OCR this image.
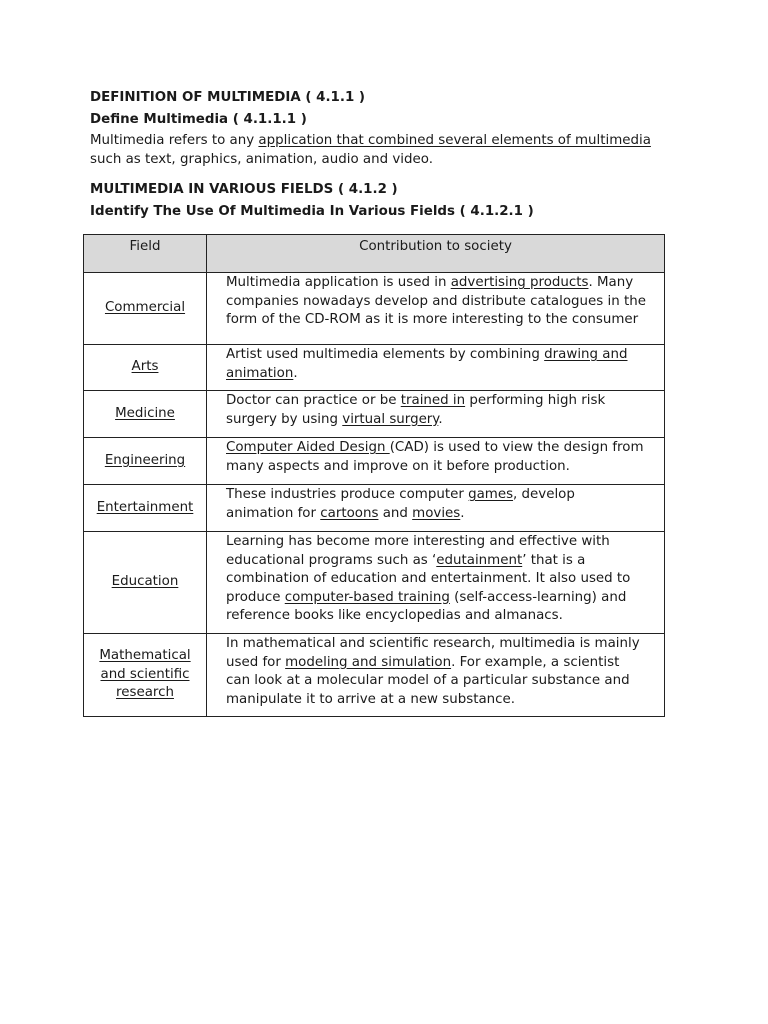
DEFINITION OF MULTIMEDIA ( 4.1.1 )

Define Multimedia ( 4.1.1.1 )

Multimedia refers to any application that combined several elements of multimedia
such as text, graphics, animation, audio and video.

MULTIMEDIA IN VARIOUS FIELDS ( 4.1.2 )

Identify The Use Of Multimedia In Various Fields ( 4.1.2.1 )

Field	Contribution to society
Commercial	Multimedia application is used in advertising products. Many companies nowadays develop and distribute catalogues in the form of the CD-ROM as it is more interesting to the consumer

Arts	Artist used multimedia elements by combining drawing and animation.

Medicine	Doctor can practice or be trained in performing high risk surgery by using virtual surgery.

Engineering	Computer Aided Design (CAD) is used to view the design from many aspects and improve on it before production.

Entertainment	These industries produce computer games, develop animation for cartoons and movies.

Education	Learning has become more interesting and effective with educational programs such as ‘edutainment’ that is a combination of education and entertainment. It also used to produce computer-based training (self-access-learning) and reference books like encyclopedias and almanacs.

Mathematical and scientific research	In mathematical and scientific research, multimedia is mainly used for modeling and simulation. For example, a scientist can look at a molecular model of a particular substance and manipulate it to arrive at a new substance.
